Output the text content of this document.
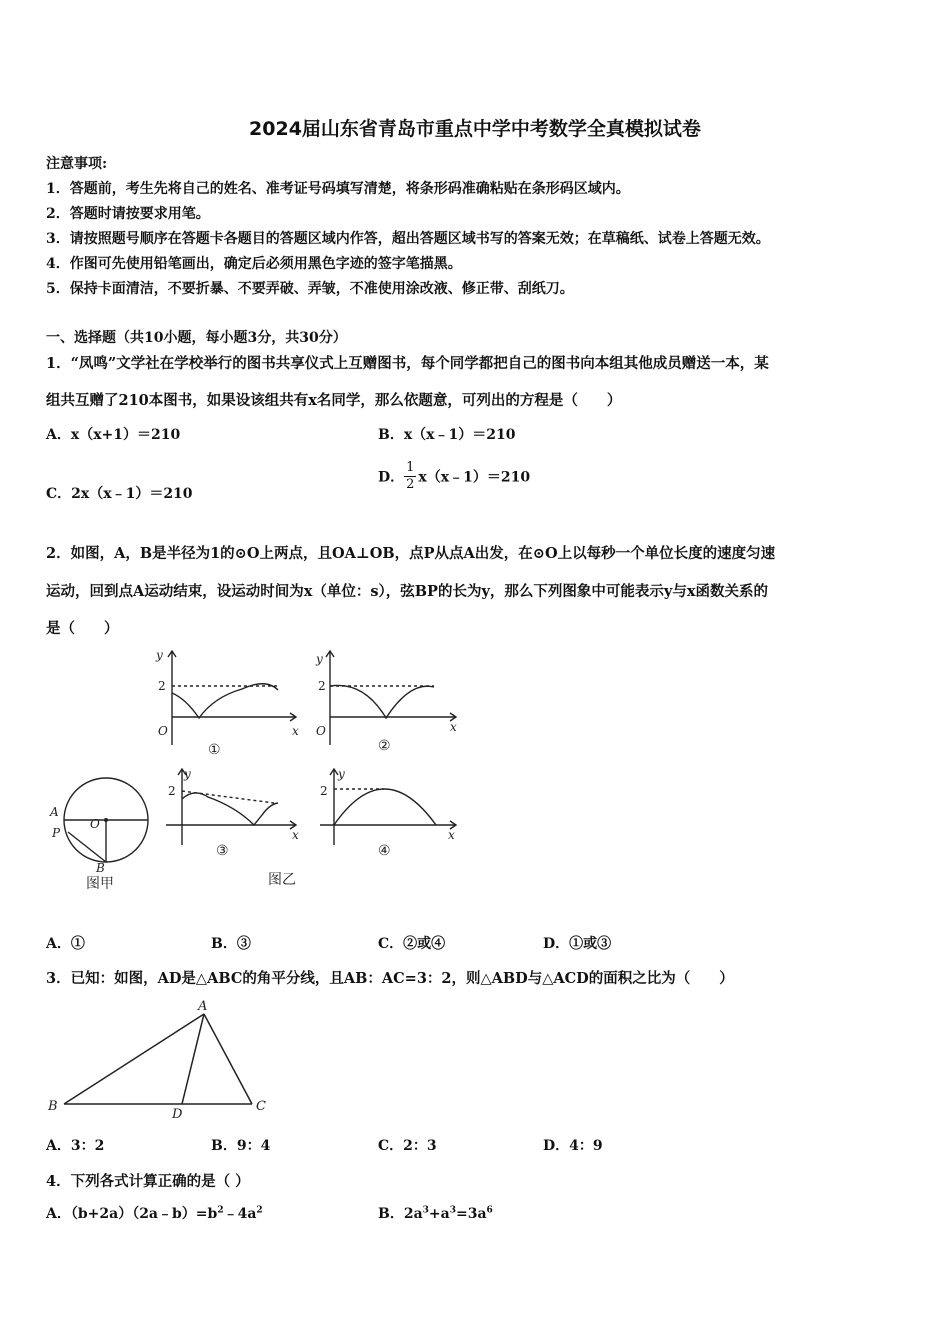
2024届山东省青岛市重点中学中考数学全真模拟试卷
注意事项:
1．答题前，考生先将自己的姓名、准考证号码填写清楚，将条形码准确粘贴在条形码区域内。
2．答题时请按要求用笔。
3．请按照题号顺序在答题卡各题目的答题区域内作答，超出答题区域书写的答案无效；在草稿纸、试卷上答题无效。
4．作图可先使用铅笔画出，确定后必须用黑色字迹的签字笔描黑。
5．保持卡面清洁，不要折暴、不要弄破、弄皱，不准使用涂改液、修正带、刮纸刀。
一、选择题（共10小题，每小题3分，共30分）
1．“凤鸣”文学社在学校举行的图书共享仪式上互赠图书，每个同学都把自己的图书向本组其他成员赠送一本，某
组共互赠了210本图书，如果设该组共有x名同学，那么依题意，可列出的方程是（　　）
A．x（x+1）＝210	B．x（x﹣1）＝210
C．2x（x﹣1）＝210
D． $\frac{1}{2}$ x（x﹣1）＝210
2．如图，A，B是半径为1的⊙O上两点，且OA⊥OB，点P从点A出发，在⊙O上以每秒一个单位长度的速度匀速
运动，回到点A运动结束，设运动时间为x（单位：s），弦BP的长为y，那么下列图象中可能表示y与x函数关系的
是（　　）
y
2
O	x
y
2
O	x
y
2
x
y
2
x
A
P
O
B
①	②
③	④
图甲	图乙
A．①	B．③	C．②或④	D．①或③
3．已知：如图，AD是△ABC的角平分线，且AB：AC=3：2，则△ABD与△ACD的面积之比为（　　）
A
B	C
D
A．3：2	B．9：4	C．2：3	D．4：9
4．下列各式计算正确的是（ ）
A．$(b+2a)(2a﹣b)=b^2﹣4a^2$	B．$2a^3+a^3=3a^6$
